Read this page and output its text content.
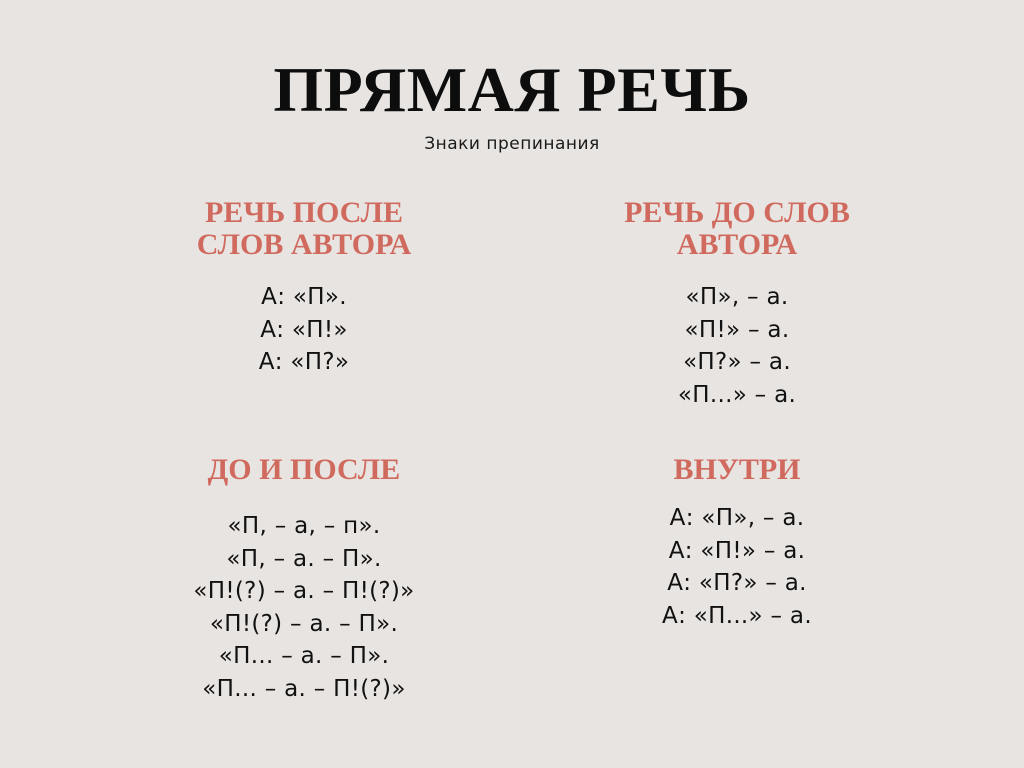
ПРЯМАЯ РЕЧЬ
Знаки препинания
РЕЧЬ ПОСЛЕ
СЛОВ АВТОРА
А: «П».
А: «П!»
А: «П?»
РЕЧЬ ДО СЛОВ
АВТОРА
«П», – а.
«П!» – а.
«П?» – а.
«П...» – а.
ДО И ПОСЛЕ
«П, – а, – п».
«П, – а. – П».
«П!(?) – а. – П!(?)»
«П!(?) – а. – П».
«П... – а. – П».
«П... – а. – П!(?)»
ВНУТРИ
А: «П», – а.
А: «П!» – а.
А: «П?» – а.
А: «П...» – а.
